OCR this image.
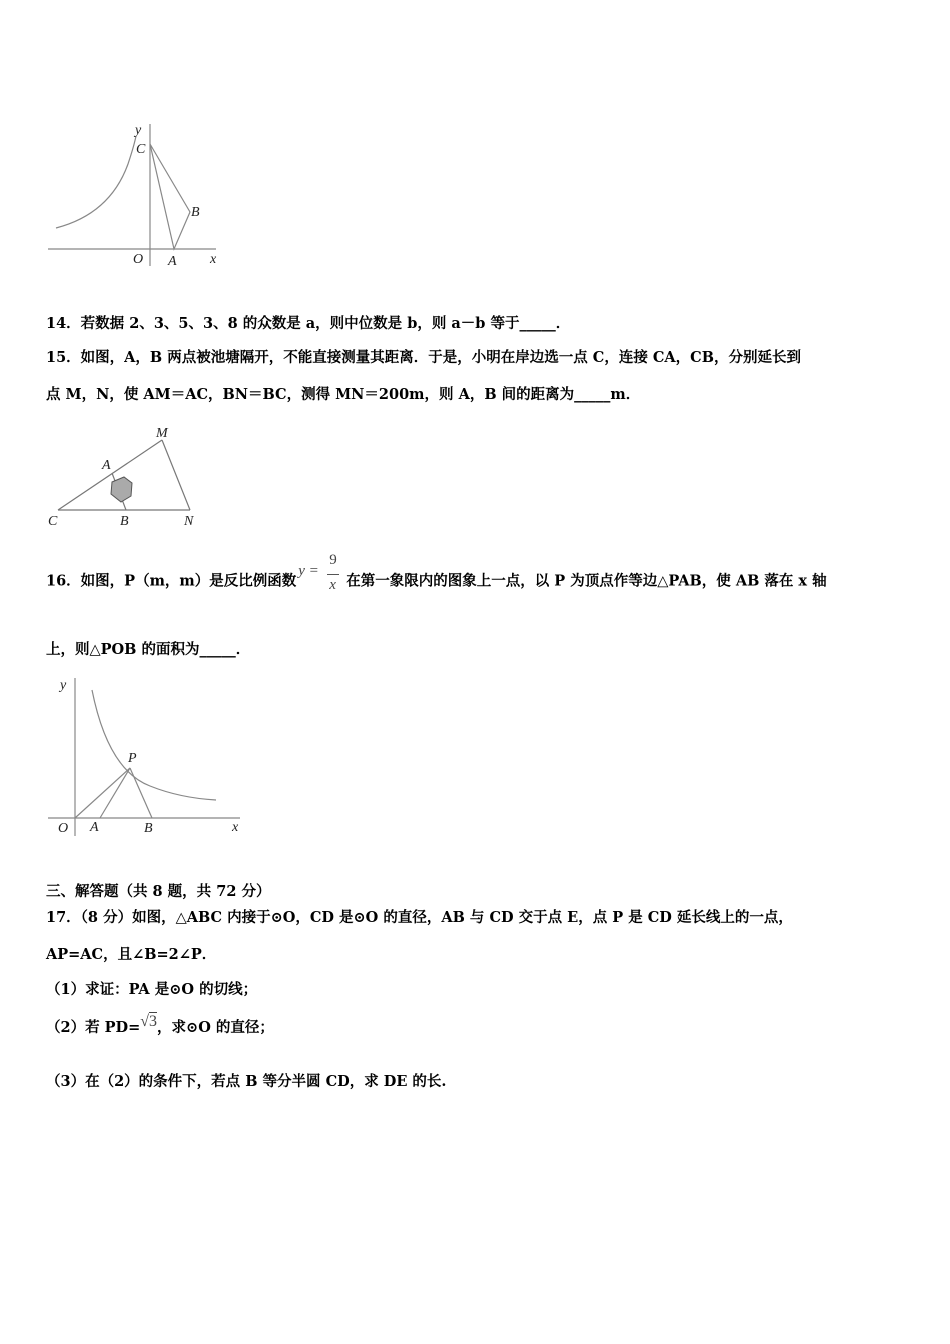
y
C
B
O A x
14．若数据 2、3、5、3、8 的众数是 a，则中位数是 b，则 a－b 等于_____．
15．如图，A，B 两点被池塘隔开，不能直接测量其距离．于是，小明在岸边选一点 C，连接 CA，CB，分别延长到
点 M，N，使 AM＝AC，BN＝BC，测得 MN＝200m，则 A，B 间的距离为_____m．
M
A
C	B	N
16．如图，P（m，m）是反比例函数
y =
9
x 在第一象限内的图象上一点，以 P 为顶点作等边△PAB，使 AB 落在 x 轴
上，则△POB 的面积为_____．
y
P
O A	B	x
三、解答题（共 8 题，共 72 分）
17．（8 分）如图，△ABC 内接于⊙O，CD 是⊙O 的直径，AB 与 CD 交于点 E，点 P 是 CD 延长线上的一点，
AP=AC，且∠B=2∠P．
（1）求证：PA 是⊙O 的切线；
（2）若 PD=√3，求⊙O 的直径；
（3）在（2）的条件下，若点 B 等分半圆 CD，求 DE 的长.
